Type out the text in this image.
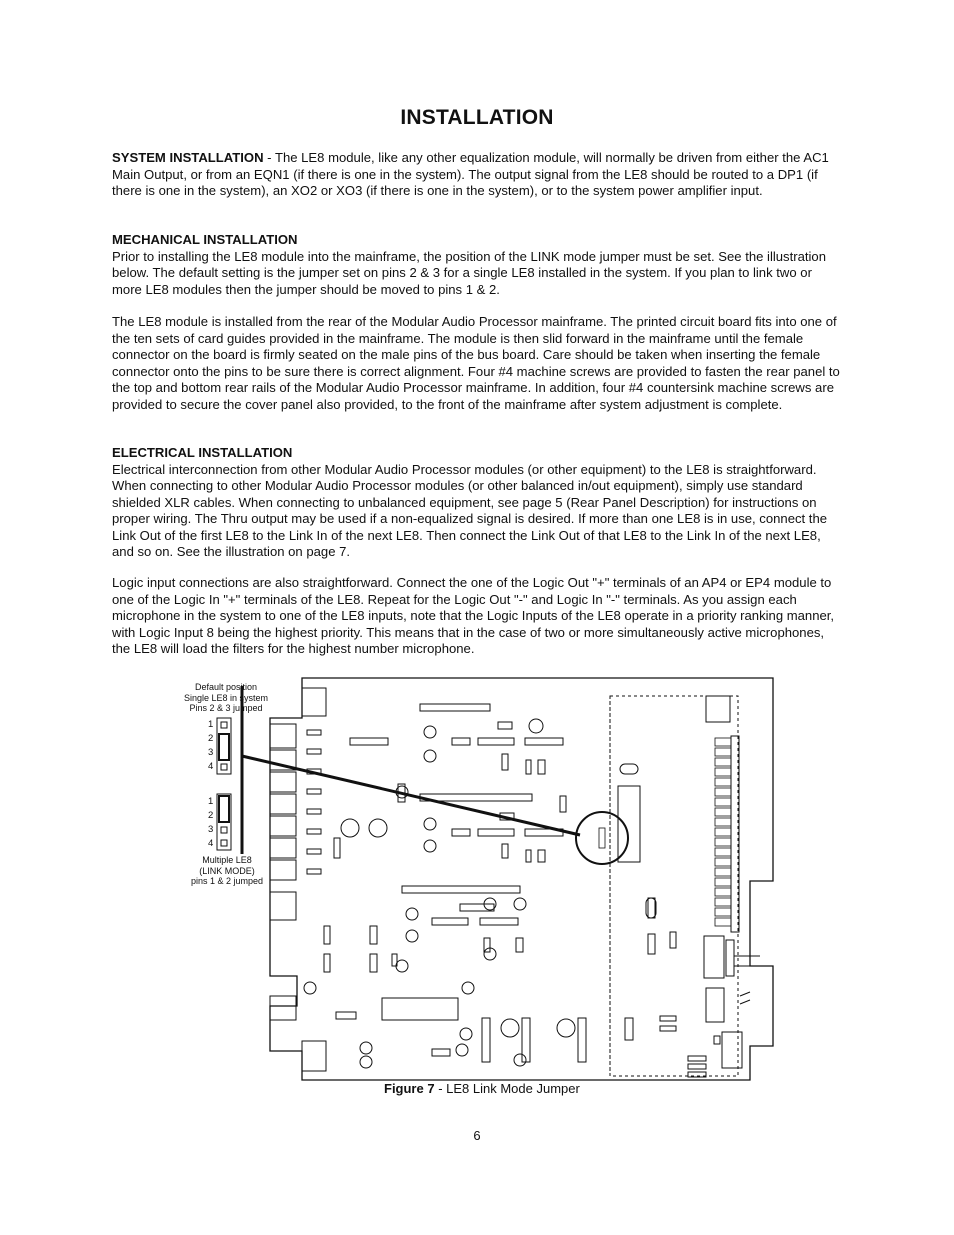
INSTALLATION

SYSTEM INSTALLATION - The LE8 module, like any other equalization module, will normally be driven from either the AC1 Main Output, or from an EQN1 (if there is one in the system). The output signal from the LE8 should be routed to a DP1 (if there is one in the system), an XO2 or XO3 (if there is one in the system), or to the system power amplifier input.

MECHANICAL INSTALLATION

Prior to installing the LE8 module into the mainframe, the position of the LINK mode jumper must be set. See the illustration below. The default setting is the jumper set on pins 2 & 3 for a single LE8 installed in the system. If you plan to link two or more LE8 modules then the jumper should be moved to pins 1 & 2.

The LE8 module is installed from the rear of the Modular Audio Processor mainframe. The printed circuit board fits into one of the ten sets of card guides provided in the mainframe. The module is then slid forward in the mainframe until the female connector on the board is firmly seated on the male pins of the bus board. Care should be taken when inserting the female connector onto the pins to be sure there is correct alignment. Four #4 machine screws are provided to fasten the rear panel to the top and bottom rear rails of the Modular Audio Processor mainframe. In addition, four #4 countersink machine screws are provided to secure the cover panel also provided, to the front of the mainframe after system adjustment is complete.

ELECTRICAL INSTALLATION

Electrical interconnection from other Modular Audio Processor modules (or other equipment) to the LE8 is straightforward. When connecting to other Modular Audio Processor modules (or other balanced in/out equipment), simply use standard shielded XLR cables. When connecting to unbalanced equipment, see page 5 (Rear Panel Description) for instructions on proper wiring. The Thru output may be used if a non-equalized signal is desired. If more than one LE8 is in use, connect the Link Out of the first LE8 to the Link In of the next LE8. Then connect the Link Out of that LE8 to the Link In of the next LE8, and so on. See the illustration on page 7.

Logic input connections are also straightforward. Connect the one of the Logic Out "+" terminals of an AP4 or EP4 module to one of the Logic In "+" terminals of the LE8. Repeat for the Logic Out "-" and Logic In "-" terminals. As you assign each microphone in the system to one of the LE8 inputs, note that the Logic Inputs of the LE8 operate in a priority ranking manner, with Logic Input 8 being the highest priority. This means that in the case of two or more simultaneously active microphones, the LE8 will load the filters for the highest number microphone.

Default position
Single LE8 in system
Pins 2 & 3 jumped
1
2
3
4
1
2
3
4
Multiple LE8
(LINK MODE)
pins 1 & 2 jumped
Figure 7 - LE8 Link Mode Jumper
6
